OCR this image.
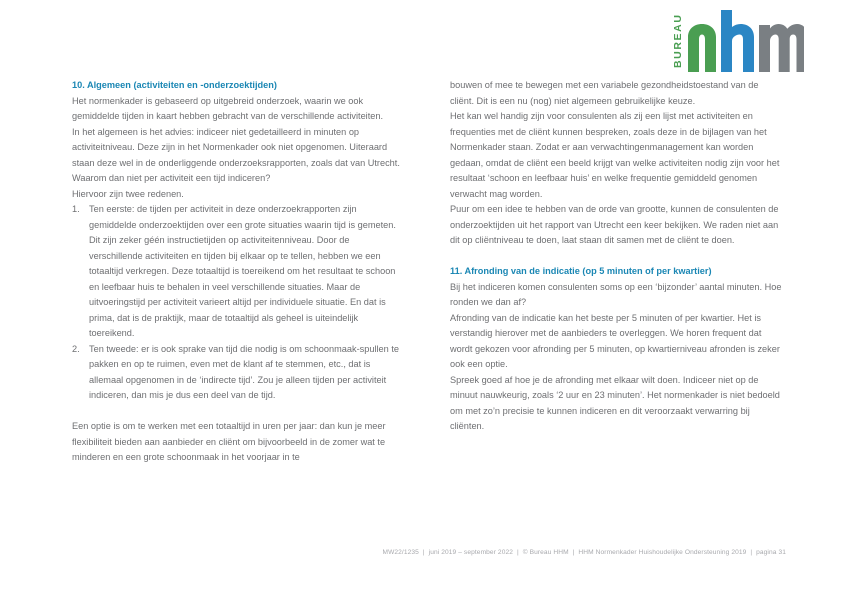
BUREAU
10. Algemeen (activiteiten en -onderzoektijden)

Het normenkader is gebaseerd op uitgebreid onderzoek, waarin we ook gemiddelde tijden in kaart hebben gebracht van de verschillende activiteiten.

In het algemeen is het advies: indiceer niet gedetailleerd in minuten op activiteitniveau. Deze zijn in het Normenkader ook niet opgenomen. Uiteraard staan deze wel in de onderliggende onderzoeksrapporten, zoals dat van Utrecht. Waarom dan niet per activiteit een tijd indiceren?

Hiervoor zijn twee redenen.

1.	Ten eerste: de tijden per activiteit in deze onderzoekrapporten zijn gemiddelde onderzoektijden over een grote situaties waarin tijd is gemeten. Dit zijn zeker géén instructietijden op activiteitenniveau. Door de verschillende activiteiten en tijden bij elkaar op te tellen, hebben we een totaaltijd verkregen. Deze totaaltijd is toereikend om het resultaat te schoon en leefbaar huis te behalen in veel verschillende situaties. Maar de uitvoeringstijd per activiteit varieert altijd per individuele situatie. En dat is prima, dat is de praktijk, maar de totaaltijd als geheel is uiteindelijk toereikend.
2.	Ten tweede: er is ook sprake van tijd die nodig is om schoonmaak-spullen te pakken en op te ruimen, even met de klant af te stemmen, etc., dat is allemaal opgenomen in de ‘indirecte tijd’. Zou je alleen tijden per activiteit indiceren, dan mis je dus een deel van de tijd.

Een optie is om te werken met een totaaltijd in uren per jaar: dan kun je meer flexibiliteit bieden aan aanbieder en cliënt om bijvoorbeeld in de zomer wat te minderen en een grote schoonmaak in het voorjaar in te

bouwen of mee te bewegen met een variabele gezondheidstoestand van de cliënt. Dit is een nu (nog) niet algemeen gebruikelijke keuze.

Het kan wel handig zijn voor consulenten als zij een lijst met activiteiten en frequenties met de cliënt kunnen bespreken, zoals deze in de bijlagen van het Normenkader staan. Zodat er aan verwachtingenmanagement kan worden gedaan, omdat de cliënt een beeld krijgt van welke activiteiten nodig zijn voor het resultaat ‘schoon en leefbaar huis’ en welke frequentie gemiddeld genomen verwacht mag worden.

Puur om een idee te hebben van de orde van grootte, kunnen de consulenten de onderzoektijden uit het rapport van Utrecht een keer bekijken. We raden niet aan dit op cliëntniveau te doen, laat staan dit samen met de cliënt te doen.

11. Afronding van de indicatie (op 5 minuten of per kwartier)

Bij het indiceren komen consulenten soms op een ‘bijzonder’ aantal minuten. Hoe ronden we dan af?

Afronding van de indicatie kan het beste per 5 minuten of per kwartier. Het is verstandig hierover met de aanbieders te overleggen. We horen frequent dat wordt gekozen voor afronding per 5 minuten, op kwartierniveau afronden is zeker ook een optie.

Spreek goed af hoe je de afronding met elkaar wilt doen. Indiceer niet op de minuut nauwkeurig, zoals ‘2 uur en 23 minuten’. Het normenkader is niet bedoeld om met zo’n precisie te kunnen indiceren en dit veroorzaakt verwarring bij cliënten.

MW22/1235 | juni 2019 – september 2022 | © Bureau HHM | HHM Normenkader Huishoudelijke Ondersteuning 2019 | pagina 31
